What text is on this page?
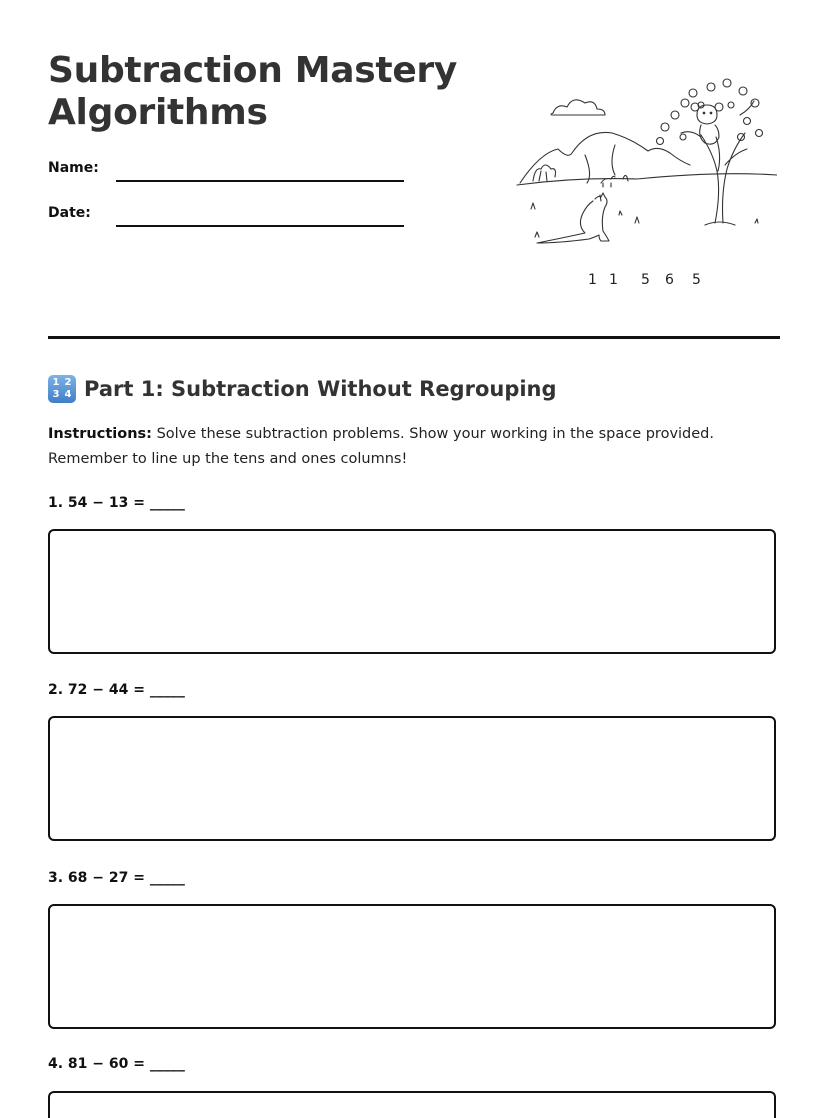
Subtraction Mastery
Algorithms
Name:
Date:
1 1 5 6 5
1 2
3 4 Part 1: Subtraction Without Regrouping

Instructions: Solve these subtraction problems. Show your working in the space provided. Remember to line up the tens and ones columns!

1. 54 − 13 = _____
2. 72 − 44 = _____
3. 68 − 27 = _____
4. 81 − 60 = _____
